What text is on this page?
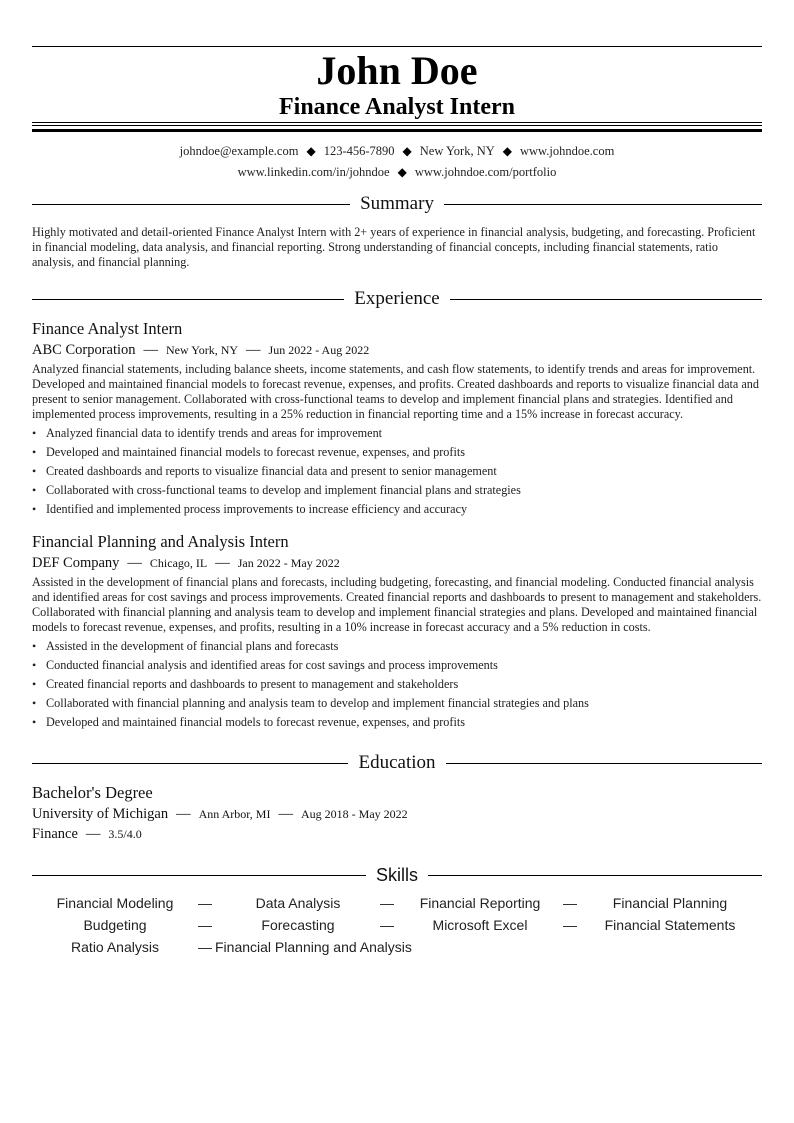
John Doe
Finance Analyst Intern
johndoe@example.com ◆ 123-456-7890 ◆ New York, NY ◆ www.johndoe.com
www.linkedin.com/in/johndoe ◆ www.johndoe.com/portfolio
Summary
Highly motivated and detail-oriented Finance Analyst Intern with 2+ years of experience in financial analysis, budgeting, and forecasting. Proficient in financial modeling, data analysis, and financial reporting. Strong understanding of financial concepts, including financial statements, ratio analysis, and financial planning.
Experience
Finance Analyst Intern
ABC Corporation — New York, NY — Jun 2022 - Aug 2022
Analyzed financial statements, including balance sheets, income statements, and cash flow statements, to identify trends and areas for improvement. Developed and maintained financial models to forecast revenue, expenses, and profits. Created dashboards and reports to visualize financial data and present to senior management. Collaborated with cross-functional teams to develop and implement financial plans and strategies. Identified and implemented process improvements, resulting in a 25% reduction in financial reporting time and a 15% increase in forecast accuracy.
• Analyzed financial data to identify trends and areas for improvement
• Developed and maintained financial models to forecast revenue, expenses, and profits
• Created dashboards and reports to visualize financial data and present to senior management
• Collaborated with cross-functional teams to develop and implement financial plans and strategies
• Identified and implemented process improvements to increase efficiency and accuracy
Financial Planning and Analysis Intern
DEF Company — Chicago, IL — Jan 2022 - May 2022
Assisted in the development of financial plans and forecasts, including budgeting, forecasting, and financial modeling. Conducted financial analysis and identified areas for cost savings and process improvements. Created financial reports and dashboards to present to management and stakeholders. Collaborated with financial planning and analysis team to develop and implement financial strategies and plans. Developed and maintained financial models to forecast revenue, expenses, and profits, resulting in a 10% increase in forecast accuracy and a 5% reduction in costs.
• Assisted in the development of financial plans and forecasts
• Conducted financial analysis and identified areas for cost savings and process improvements
• Created financial reports and dashboards to present to management and stakeholders
• Collaborated with financial planning and analysis team to develop and implement financial strategies and plans
• Developed and maintained financial models to forecast revenue, expenses, and profits
Education
Bachelor's Degree
University of Michigan — Ann Arbor, MI — Aug 2018 - May 2022
Finance — 3.5/4.0
Skills
Financial Modeling	—	Data Analysis	—	Financial Reporting	—	Financial Planning
Budgeting	—	Forecasting	—	Microsoft Excel	—	Financial Statements
Ratio Analysis	— Financial Planning and Analysis
